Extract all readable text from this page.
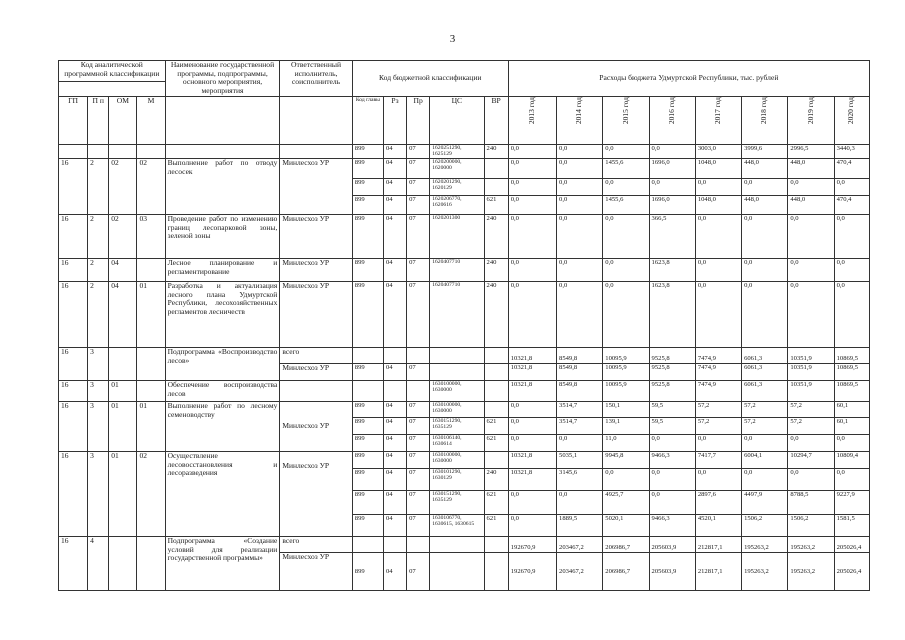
3
Код аналитической программной классификации				Наименование государственной программы, подпрограммы, основного мероприятия, мероприятия	Ответственный исполнитель, соисполнитель	Код бюджетной классификации					Расходы бюджета Удмуртской Республики, тыс. рублей							

ГП	П п	ОМ	М			Код главы	Рз	Пр	ЦС	ВР	2013 год	2014 год	2015 год	2016 год	2017 год	2018 год	2019 год	2020 год

						899	04	07	1620251290, 1625129	240	0,0	0,0	0,0	0,0	3003,0	3999,6	2996,5	3440,3
16	2	02	02	Выполнение работ по отводу лесосек	Минлесхоз УР	899	04	07	1620200000, 1620000		0,0	0,0	1455,6	1696,0	1048,0	448,0	448,0	470,4
						899	04	07	1620201290, 1620129		0,0	0,0	0,0	0,0	0,0	0,0	0,0	0,0
						899	04	07	1620206770, 1620616	621	0,0	0,0	1455,6	1696,0	1048,0	448,0	448,0	470,4
16	2	02	03	Проведение работ по изменению границ лесопарковой зоны, зеленой зоны	Минлесхоз УР	899	04	07	1620201300	240	0,0	0,0	0,0	366,5	0,0	0,0	0,0	0,0
16	2	04		Лесное планирование и регламентирование	Минлесхоз УР	899	04	07	1620407710	240	0,0	0,0	0,0	1623,8	0,0	0,0	0,0	0,0
16	2	04	01	Разработка и актуализация лесного плана Удмуртской Республики, лесохозяйственных регламентов лесничеств	Минлесхоз УР	899	04	07	1620407710	240	0,0	0,0	0,0	1623,8	0,0	0,0	0,0	0,0
16	3			Подпрограмма «Воспроизводство лесов»	всего						10321,8	8549,8	10095,9	9525,8	7474,9	6061,3	10351,9	10869,5
					Минлесхоз УР	899	04	07			10321,8	8549,8	10095,9	9525,8	7474,9	6061,3	10351,9	10869,5
16	3	01		Обеспечение воспроизводства лесов					1630100000, 1630000		10321,8	8549,8	10095,9	9525,8	7474,9	6061,3	10351,9	10869,5
16	3	01	01	Выполнение работ по лесному семеноводству	Минлесхоз УР	899	04	07	1630100000, 1630000		0,0	3514,7	150,1	59,5	57,2	57,2	57,2	60,1
						899	04	07	1630151290, 1635129	621	0,0	3514,7	139,1	59,5	57,2	57,2	57,2	60,1
						899	04	07	1630106140, 1630614	621	0,0	0,0	11,0	0,0	0,0	0,0	0,0	0,0
16	3	01	02	Осуществление лесовосстановления и лесоразведения	Минлесхоз УР	899	04	07	1630100000, 1630000		10321,8	5035,1	9945,8	9466,3	7417,7	6004,1	10294,7	10809,4
						899	04	07	1630101290, 1630129	240	10321,8	3145,6	0,0	0,0	0,0	0,0	0,0	0,0
						899	04	07	1630151290, 1635129	621	0,0	0,0	4925,7	0,0	2897,6	4497,9	8788,5	9227,9
						899	04	07	1630106770, 1630615, 1630615	621	0,0	1889,5	5020,1	9466,3	4520,1	1506,2	1506,2	1581,5
16	4			Подпрограмма «Создание условий для реализации государственной программы»	всего						192670,9	203467,2	206986,7	205603,9	212817,1	195263,2	195263,2	205026,4
					Минлесхоз УР	899	04	07			192670,9	203467,2	206986,7	205603,9	212817,1	195263,2	195263,2	205026,4
